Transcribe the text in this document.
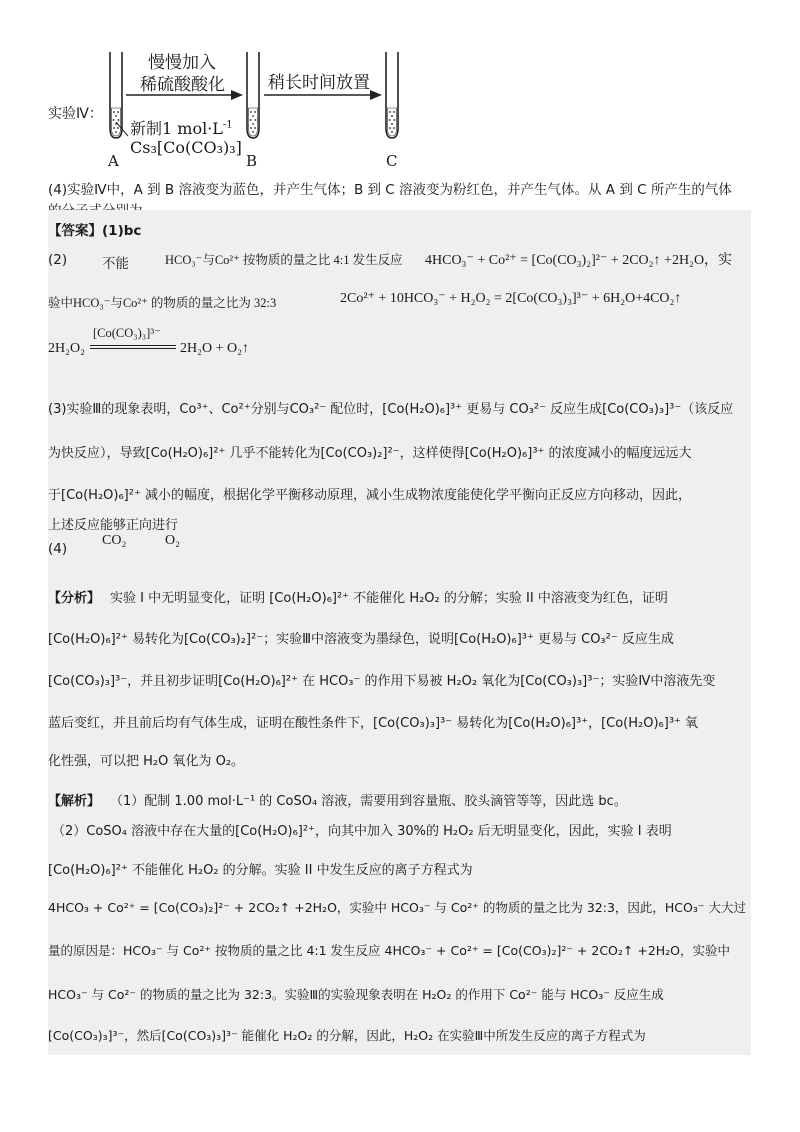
实验Ⅳ：
慢慢加入
稀硫酸酸化	稍长时间放置
新制1 $mol\cdot L^{-1}$
Cs₃[Co(CO₃)₃]
A	B	C
(4)实验Ⅳ中，A 到 B 溶液变为蓝色，并产生气体；B 到 C 溶液变为粉红色，并产生气体。从 A 到 C 所产生的气体
【答案】(1)bc
(2)	不能	HCO₃⁻与Co²⁺ 按物质的量之比 4:1 发生反应 4HCO₃⁻ + Co²⁺ = [Co(CO₃)₂]²⁻ + 2CO₂↑ +2H₂O，实
验中HCO₃⁻与Co²⁺ 的物质的量之比为 32:3	2Co²⁺ + 10HCO₃⁻ + H₂O₂ = 2[Co(CO₃)₃]³⁻ + 6H₂O+4CO₂↑
2H₂O₂
[Co(CO₃)₃]³⁻
2H₂O + O₂↑
(3)实验Ⅲ的现象表明，Co³⁺、Co²⁺分别与CO₃²⁻ 配位时，[Co(H₂O)₆]³⁺ 更易与 CO₃²⁻ 反应生成[Co(CO₃)₃]³⁻（该反应
为快反应），导致[Co(H₂O)₆]²⁺ 几乎不能转化为[Co(CO₃)₂]²⁻，这样使得[Co(H₂O)₆]³⁺ 的浓度减小的幅度远远大
于[Co(H₂O)₆]²⁺ 减小的幅度，根据化学平衡移动原理，减小生成物浓度能使化学平衡向正反应方向移动，因此，
上述反应能够正向进行
(4)
CO₂	O₂
【分析】 实验 I 中无明显变化，证明 [Co(H₂O)₆]²⁺ 不能催化 H₂O₂ 的分解；实验 II 中溶液变为红色，证明
[Co(H₂O)₆]²⁺ 易转化为[Co(CO₃)₂]²⁻；实验Ⅲ中溶液变为墨绿色，说明[Co(H₂O)₆]³⁺ 更易与 CO₃²⁻ 反应生成
[Co(CO₃)₃]³⁻，并且初步证明[Co(H₂O)₆]²⁺ 在 HCO₃⁻ 的作用下易被 H₂O₂ 氧化为[Co(CO₃)₃]³⁻；实验Ⅳ中溶液先变
蓝后变红，并且前后均有气体生成，证明在酸性条件下，[Co(CO₃)₃]³⁻ 易转化为[Co(H₂O)₆]³⁺，[Co(H₂O)₆]³⁺ 氧
化性强，可以把 H₂O 氧化为 O₂。
【解析】 （1）配制 1.00 mol·L⁻¹ 的 CoSO₄ 溶液，需要用到容量瓶、胶头滴管等等，因此选 bc。
（2）CoSO₄ 溶液中存在大量的[Co(H₂O)₆]²⁺，向其中加入 30%的 H₂O₂ 后无明显变化，因此，实验 I 表明
[Co(H₂O)₆]²⁺ 不能催化 H₂O₂ 的分解。实验 II 中发生反应的离子方程式为
4HCO₃ + Co²⁺ = [Co(CO₃)₂]²⁻ + 2CO₂↑ +2H₂O，实验中 HCO₃⁻ 与 Co²⁺ 的物质的量之比为 32:3，因此，HCO₃⁻ 大大过
量的原因是：HCO₃⁻ 与 Co²⁺ 按物质的量之比 4:1 发生反应 4HCO₃⁻ + Co²⁺ = [Co(CO₃)₂]²⁻ + 2CO₂↑ +2H₂O，实验中
HCO₃⁻ 与 Co²⁻ 的物质的量之比为 32:3。实验Ⅲ的实验现象表明在 H₂O₂ 的作用下 Co²⁻ 能与 HCO₃⁻ 反应生成
[Co(CO₃)₃]³⁻，然后[Co(CO₃)₃]³⁻ 能催化 H₂O₂ 的分解，因此，H₂O₂ 在实验Ⅲ中所发生反应的离子方程式为
